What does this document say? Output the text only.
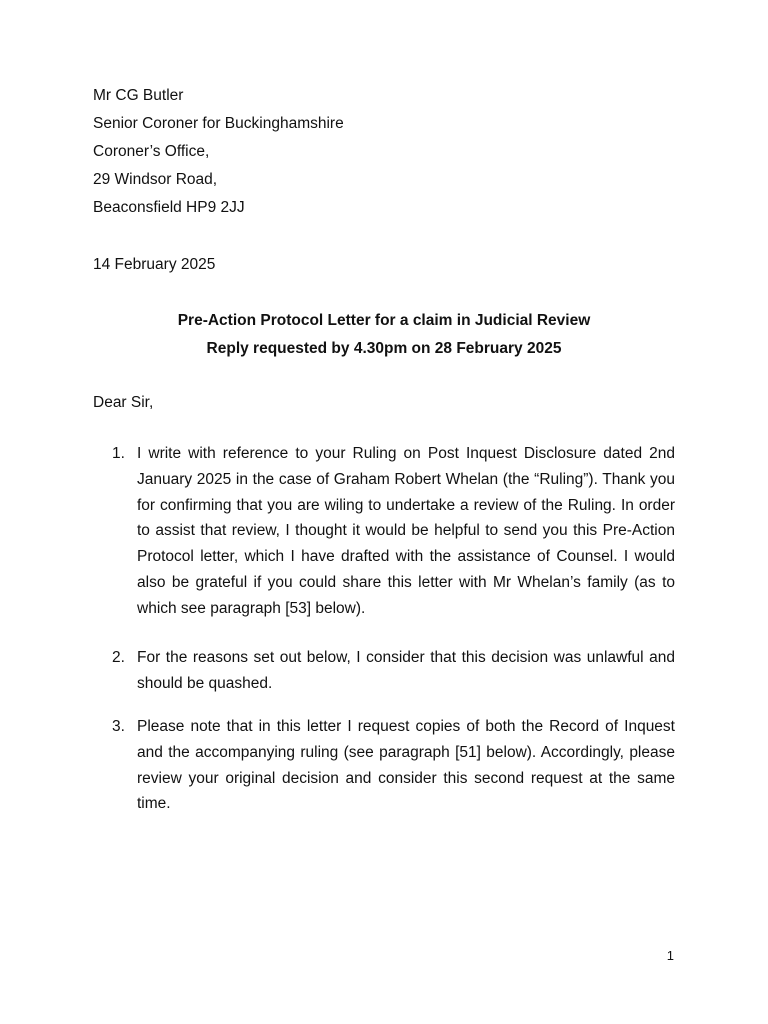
Mr CG Butler
Senior Coroner for Buckinghamshire
Coroner’s Office,
29 Windsor Road,
Beaconsfield HP9 2JJ
14 February 2025
Pre-Action Protocol Letter for a claim in Judicial Review
Reply requested by 4.30pm on 28 February 2025
Dear Sir,
1. I write with reference to your Ruling on Post Inquest Disclosure dated 2nd January 2025 in the case of Graham Robert Whelan (the “Ruling”). Thank you for confirming that you are wiling to undertake a review of the Ruling. In order to assist that review, I thought it would be helpful to send you this Pre-Action Protocol letter, which I have drafted with the assistance of Counsel. I would also be grateful if you could share this letter with Mr Whelan’s family (as to which see paragraph [53] below).
2. For the reasons set out below, I consider that this decision was unlawful and should be quashed.
3. Please note that in this letter I request copies of both the Record of Inquest and the accompanying ruling (see paragraph [51] below). Accordingly, please review your original decision and consider this second request at the same time.
1
